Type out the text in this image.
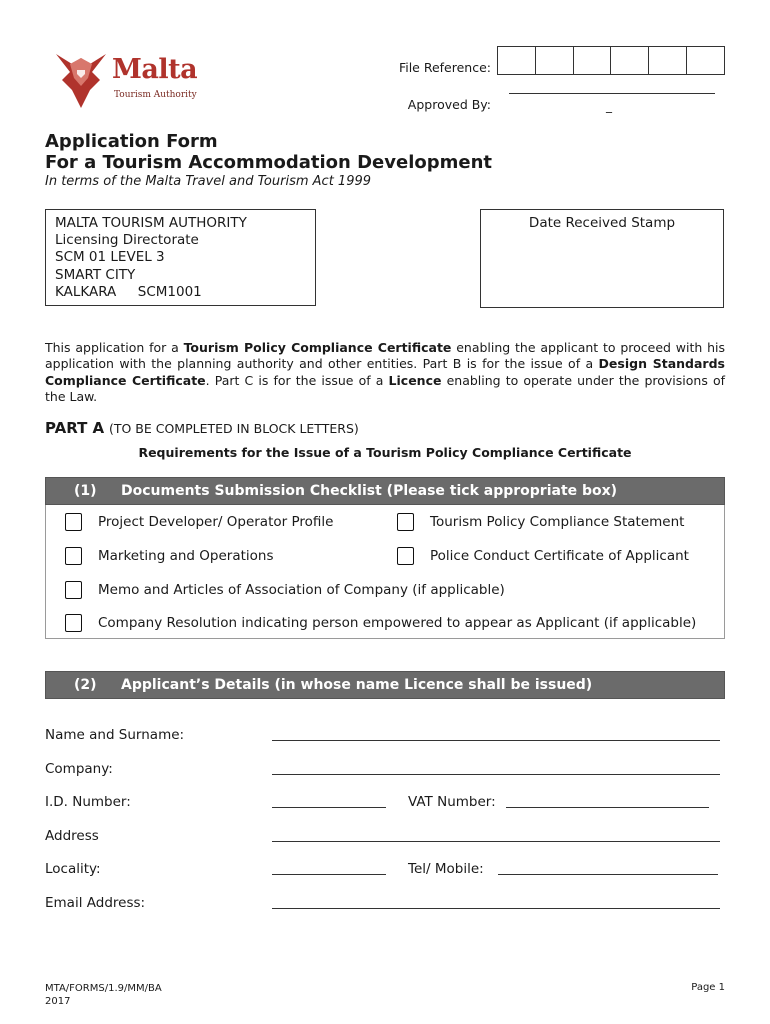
Malta
Tourism Authority
File Reference:
Approved By:	_
Application Form
For a Tourism Accommodation Development
In terms of the Malta Travel and Tourism Act 1999
MALTA TOURISM AUTHORITY
Licensing Directorate
SCM 01 LEVEL 3
SMART CITY
KALKARA     SCM1001
Date Received Stamp
This application for a Tourism Policy Compliance Certificate enabling the applicant to proceed with his application with the planning authority and other entities. Part B is for the issue of a Design Standards Compliance Certificate. Part C is for the issue of a Licence enabling to operate under the provisions of the Law.
PART A (TO BE COMPLETED IN BLOCK LETTERS)
Requirements for the Issue of a Tourism Policy Compliance Certificate
(1) Documents Submission Checklist (Please tick appropriate box)
Project Developer/ Operator Profile	Tourism Policy Compliance Statement
Marketing and Operations	Police Conduct Certificate of Applicant
Memo and Articles of Association of Company (if applicable)
Company Resolution indicating person empowered to appear as Applicant (if applicable)
(2) Applicant’s Details (in whose name Licence shall be issued)
Name and Surname:
Company:
I.D. Number:	VAT Number:
Address
Locality:	Tel/ Mobile:
Email Address:
MTA/FORMS/1.9/MM/BA
2017
Page 1
